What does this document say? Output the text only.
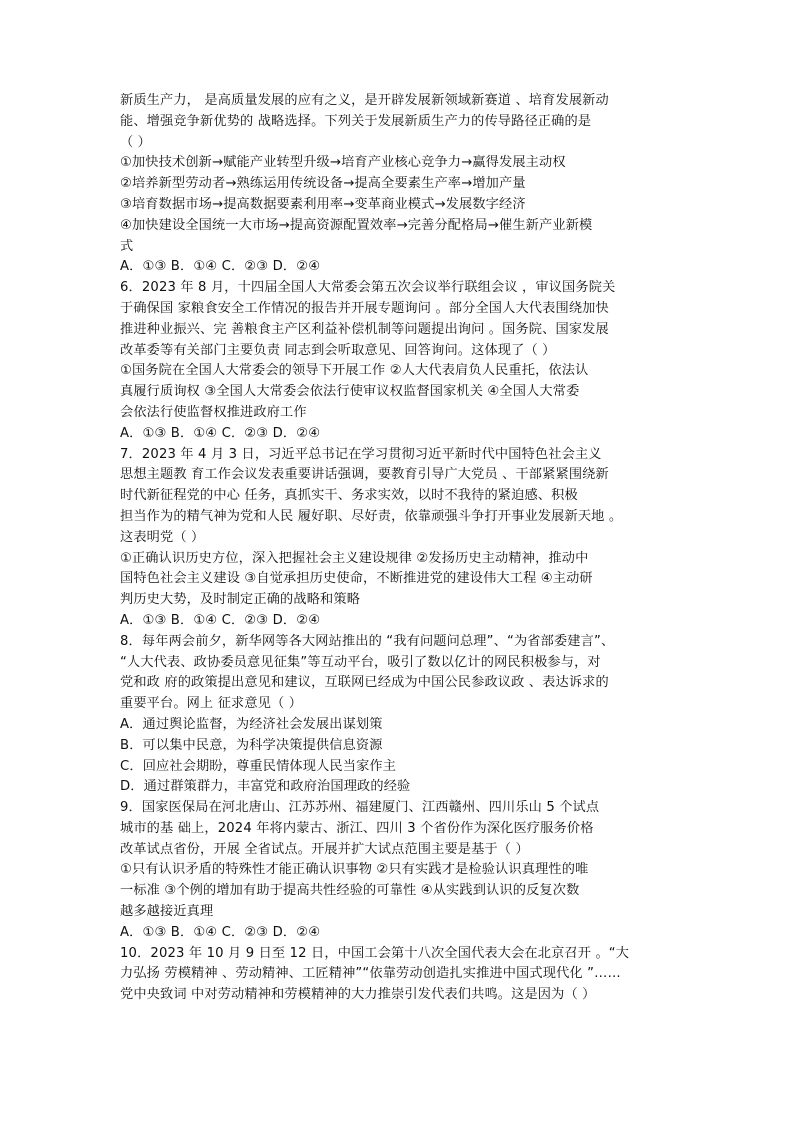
新质生产力， 是高质量发展的应有之义，是开辟发展新领域新赛道 、培育发展新动
能、增强竞争新优势的 战略选择。下列关于发展新质生产力的传导路径正确的是
（ ）
①加快技术创新→赋能产业转型升级→培育产业核心竞争力→赢得发展主动权
②培养新型劳动者→熟练运用传统设备→提高全要素生产率→增加产量
③培育数据市场→提高数据要素利用率→变革商业模式→发展数字经济
④加快建设全国统一大市场→提高资源配置效率→完善分配格局→催生新产业新模
式
A．①③ B．①④ C．②③ D．②④
6．2023 年 8 月，十四届全国人大常委会第五次会议举行联组会议 ，审议国务院关
于确保国 家粮食安全工作情况的报告并开展专题询问 。部分全国人大代表围绕加快
推进种业振兴、完 善粮食主产区利益补偿机制等问题提出询问 。国务院、国家发展
改革委等有关部门主要负责 同志到会听取意见、回答询问。这体现了（ ）
①国务院在全国人大常委会的领导下开展工作 ②人大代表肩负人民重托，依法认
真履行质询权 ③全国人大常委会依法行使审议权监督国家机关 ④全国人大常委
会依法行使监督权推进政府工作
A．①③ B．①④ C．②③ D．②④
7．2023 年 4 月 3 日，习近平总书记在学习贯彻习近平新时代中国特色社会主义
思想主题教 育工作会议发表重要讲话强调，要教育引导广大党员 、干部紧紧围绕新
时代新征程党的中心 任务，真抓实干、务求实效，以时不我待的紧迫感、积极
担当作为的精气神为党和人民 履好职、尽好责，依靠顽强斗争打开事业发展新天地 。
这表明党（ ）
①正确认识历史方位，深入把握社会主义建设规律 ②发扬历史主动精神，推动中
国特色社会主义建设 ③自觉承担历史使命，不断推进党的建设伟大工程 ④主动研
判历史大势，及时制定正确的战略和策略
A．①③ B．①④ C．②③ D．②④
8．每年两会前夕，新华网等各大网站推出的 “我有问题问总理”、“为省部委建言”、
“人大代表、政协委员意见征集”等互动平台，吸引了数以亿计的网民积极参与，对
党和政 府的政策提出意见和建议，互联网已经成为中国公民参政议政 、表达诉求的
重要平台。网上 征求意见（ ）
A．通过舆论监督，为经济社会发展出谋划策
B．可以集中民意，为科学决策提供信息资源
C．回应社会期盼，尊重民情体现人民当家作主
D．通过群策群力，丰富党和政府治国理政的经验
9．国家医保局在河北唐山、江苏苏州、福建厦门、江西赣州、四川乐山 5 个试点
城市的基 础上，2024 年将内蒙古、浙江、四川 3 个省份作为深化医疗服务价格
改革试点省份，开展 全省试点。开展并扩大试点范围主要是基于（ ）
①只有认识矛盾的特殊性才能正确认识事物 ②只有实践才是检验认识真理性的唯
一标准 ③个例的增加有助于提高共性经验的可靠性 ④从实践到认识的反复次数
越多越接近真理
A．①③ B．①④ C．②③ D．②④
10．2023 年 10 月 9 日至 12 日，中国工会第十八次全国代表大会在北京召开 。“大
力弘扬 劳模精神 、劳动精神、工匠精神”“依靠劳动创造扎实推进中国式现代化 ”……
党中央致词 中对劳动精神和劳模精神的大力推崇引发代表们共鸣。这是因为（ ）
